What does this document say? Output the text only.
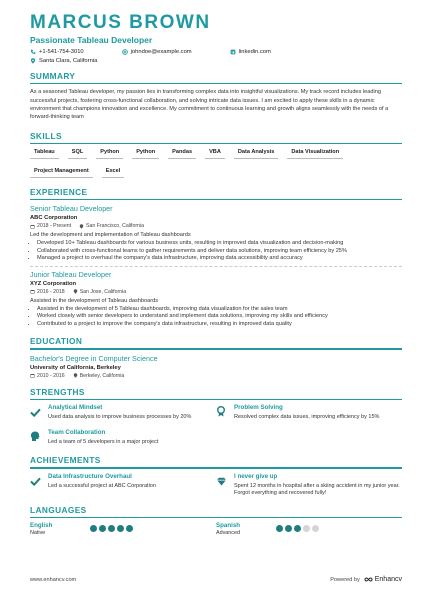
MARCUS BROWN
Passionate Tableau Developer
+1-541-754-3010	johndoe@example.com	linkedin.com
Santa Clara, California
SUMMARY
As a seasoned Tableau developer, my passion lies in transforming complex data into insightful visualizations. My track record includes leading successful projects, fostering cross-functional collaboration, and solving intricate data issues. I am excited to apply these skills in a dynamic environment that champions innovation and excellence. My commitment to continuous learning and growth aligns seamlessly with the needs of a forward-thinking team
SKILLS
Tableau	SQL	Python	Python	Pandas	VBA	Data Analysis	Data Visualization
Project Management	Excel
EXPERIENCE
Senior Tableau Developer
ABC Corporation
2018 - Present	San Francisco, California
Led the development and implementation of Tableau dashboards
• Developed 10+ Tableau dashboards for various business units, resulting in improved data visualization and decision-making
• Collaborated with cross-functional teams to gather requirements and deliver data solutions, improving team efficiency by 25%
• Managed a project to overhaul the company's data infrastructure, improving data accessibility and accuracy
Junior Tableau Developer
XYZ Corporation
2016 - 2018	San Jose, California
Assisted in the development of Tableau dashboards
• Assisted in the development of 5 Tableau dashboards, improving data visualization for the sales team
• Worked closely with senior developers to understand and implement data solutions, improving my skills and efficiency
• Contributed to a project to improve the company's data infrastructure, resulting in improved data quality
EDUCATION
Bachelor's Degree in Computer Science
University of California, Berkeley
2010 - 2016	Berkeley, California
STRENGTHS
Analytical Mindset
Used data analysis to improve business processes by 20%
Problem Solving
Resolved complex data issues, improving efficiency by 15%
Team Collaboration
Led a team of 5 developers in a major project
ACHIEVEMENTS
Data Infrastructure Overhaul
Led a successful project at ABC Corporation
I never give up
Spent 12 months in hospital after a skiing accident in my junior year. Forgot everything and recovered fully!
LANGUAGES
English
Native
Spanish
Advanced
www.enhancv.com	Powered by Enhancv
